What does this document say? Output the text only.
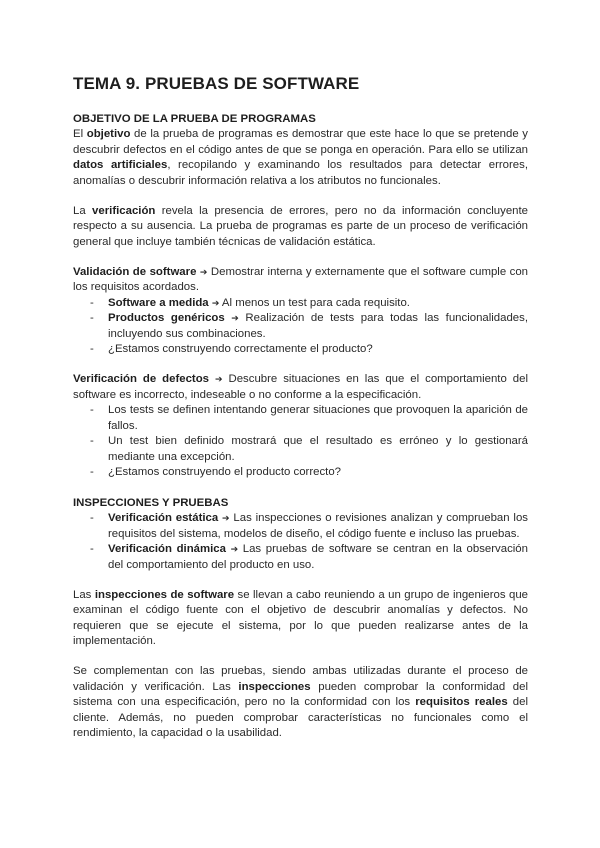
TEMA 9. PRUEBAS DE SOFTWARE
OBJETIVO DE LA PRUEBA DE PROGRAMAS

El objetivo de la prueba de programas es demostrar que este hace lo que se pretende y descubrir defectos en el código antes de que se ponga en operación. Para ello se utilizan datos artificiales, recopilando y examinando los resultados para detectar errores, anomalías o descubrir información relativa a los atributos no funcionales.

La verificación revela la presencia de errores, pero no da información concluyente respecto a su ausencia. La prueba de programas es parte de un proceso de verificación general que incluye también técnicas de validación estática.

Validación de software ➔ Demostrar interna y externamente que el software cumple con los requisitos acordados.

- Software a medida ➔ Al menos un test para cada requisito.
- Productos genéricos ➔ Realización de tests para todas las funcionalidades, incluyendo sus combinaciones.
- ¿Estamos construyendo correctamente el producto?

Verificación de defectos ➔ Descubre situaciones en las que el comportamiento del software es incorrecto, indeseable o no conforme a la especificación.

- Los tests se definen intentando generar situaciones que provoquen la aparición de fallos.
- Un test bien definido mostrará que el resultado es erróneo y lo gestionará mediante una excepción.
- ¿Estamos construyendo el producto correcto?
INSPECCIONES Y PRUEBAS
- Verificación estática ➔ Las inspecciones o revisiones analizan y comprueban los requisitos del sistema, modelos de diseño, el código fuente e incluso las pruebas.
- Verificación dinámica ➔ Las pruebas de software se centran en la observación del comportamiento del producto en uso.

Las inspecciones de software se llevan a cabo reuniendo a un grupo de ingenieros que examinan el código fuente con el objetivo de descubrir anomalías y defectos. No requieren que se ejecute el sistema, por lo que pueden realizarse antes de la implementación.

Se complementan con las pruebas, siendo ambas utilizadas durante el proceso de validación y verificación. Las inspecciones pueden comprobar la conformidad del sistema con una especificación, pero no la conformidad con los requisitos reales del cliente. Además, no pueden comprobar características no funcionales como el rendimiento, la capacidad o la usabilidad.
